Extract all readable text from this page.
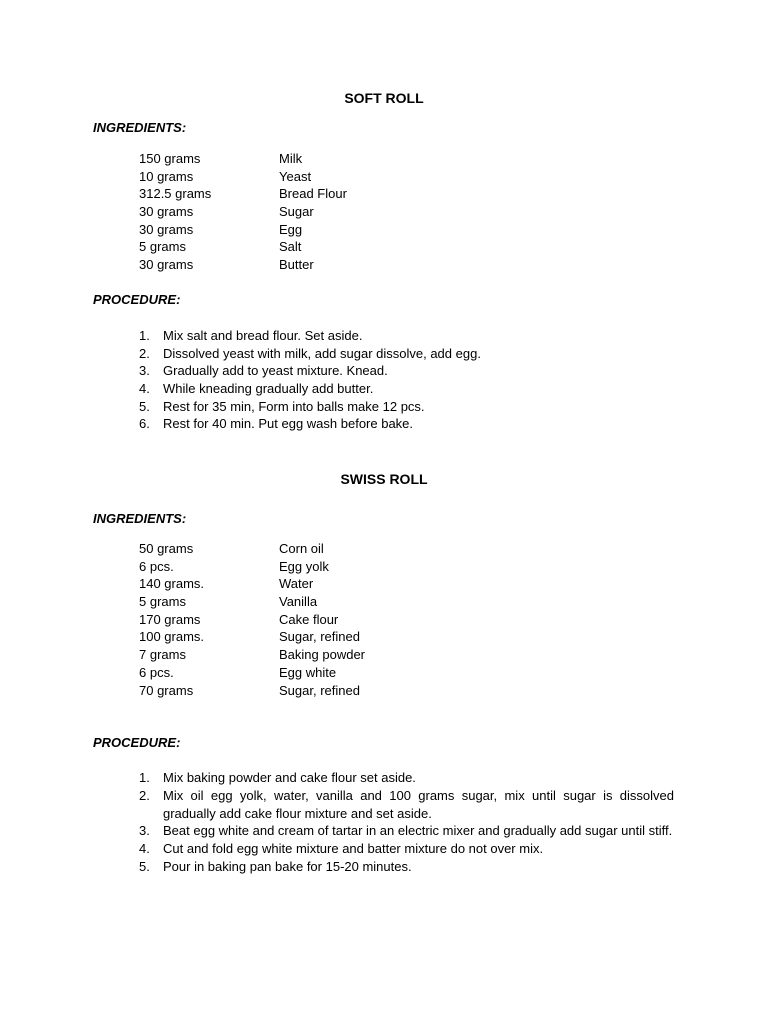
SOFT ROLL

INGREDIENTS:

150 grams	Milk
10 grams	Yeast
312.5 grams	Bread Flour
30 grams	Sugar
30 grams	Egg
5 grams	Salt
30 grams	Butter

PROCEDURE:

1. Mix salt and bread flour. Set aside.
2. Dissolved yeast with milk, add sugar dissolve, add egg.
3. Gradually add to yeast mixture. Knead.
4. While kneading gradually add butter.
5. Rest for 35 min, Form into balls make 12 pcs.
6. Rest for 40 min. Put egg wash before bake.
SWISS ROLL

INGREDIENTS:

50 grams	Corn oil
6 pcs.	Egg yolk
140 grams.	Water
5 grams	Vanilla
170 grams	Cake flour
100 grams.	Sugar, refined
7 grams	Baking powder
6 pcs.	Egg white
70 grams	Sugar, refined

PROCEDURE:

1. Mix baking powder and cake flour set aside.
2. Mix oil egg yolk, water, vanilla and 100 grams sugar, mix until sugar is dissolved gradually add cake flour mixture and set aside.
3. Beat egg white and cream of tartar in an electric mixer and gradually add sugar until stiff.
4. Cut and fold egg white mixture and batter mixture do not over mix.
5. Pour in baking pan bake for 15-20 minutes.
